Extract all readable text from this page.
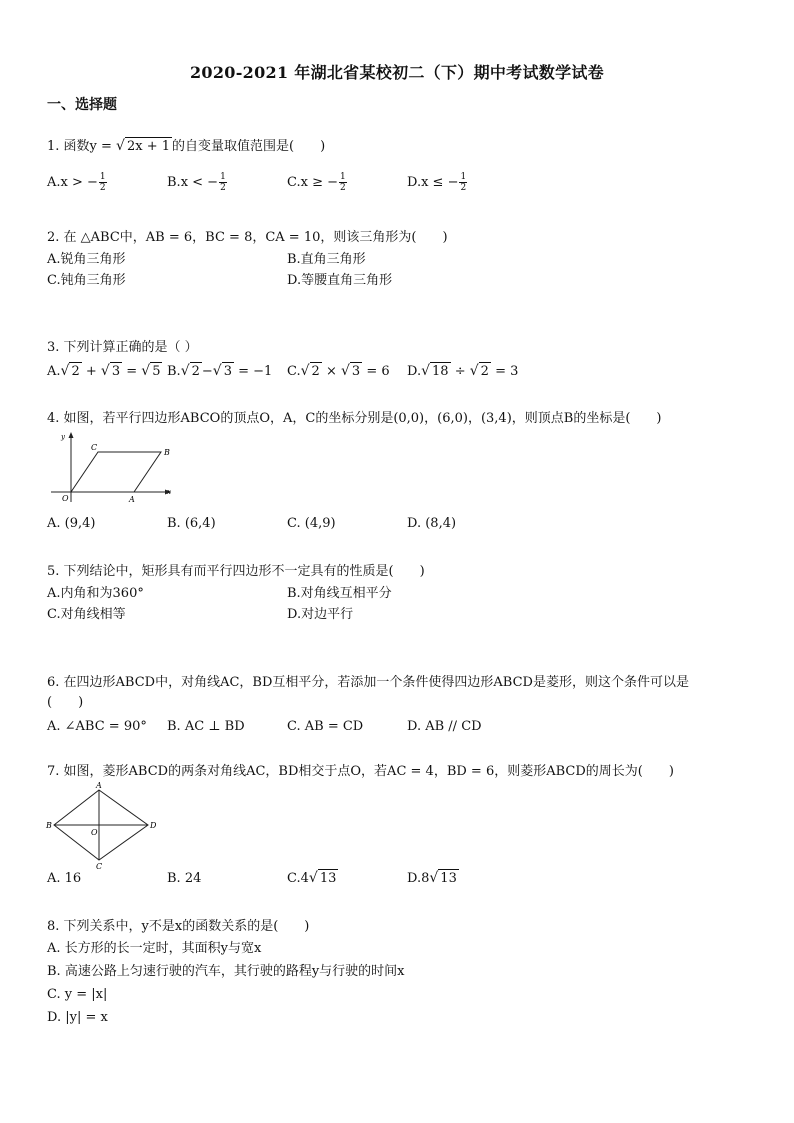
2020-2021 年湖北省某校初二（下）期中考试数学试卷
一、选择题
1. 函数y = √ 2x + 1 的自变量取值范围是(　　)
A.x > − $\frac{1}{2}$	B.x < − $\frac{1}{2}$	C.x ≥ − $\frac{1}{2}$	D.x ≤ − $\frac{1}{2}$
2. 在 △ABC中，AB = 6，BC = 8，CA = 10，则该三角形为(　　)
A.锐角三角形	B.直角三角形
C.钝角三角形	D.等腰直角三角形
3. 下列计算正确的是（ ）
A. √ 2 + √ 3 = √ 5 B. √ 2 − √ 3 = −1 C. √ 2 × √ 3 = 6 D. √ 18 ÷ √ 2 = 3
4. 如图，若平行四边形ABCO的顶点O，A，C的坐标分别是(0,0)，(6,0)，(3,4)，则顶点B的坐标是(　　)
y
x
C
B
O	A
A. (9,4)	B. (6,4)	C. (4,9)	D. (8,4)
5. 下列结论中，矩形具有而平行四边形不一定具有的性质是(　　)
A.内角和为360°	B.对角线互相平分
C.对角线相等	D.对边平行
6. 在四边形ABCD中，对角线AC，BD互相平分，若添加一个条件使得四边形ABCD是菱形，则这个条件可以是
(　　)
A. ∠ABC = 90° B. AC ⊥ BD	C. AB = CD	D. AB // CD
7. 如图，菱形ABCD的两条对角线AC，BD相交于点O，若AC = 4，BD = 6，则菱形ABCD的周长为(　　)
A
B
C
D
O
A. 16	B. 24	C.4 √ 13	D.8 √ 13
8. 下列关系中，y不是x的函数关系的是(　　)
A. 长方形的长一定时，其面积y与宽x
B. 高速公路上匀速行驶的汽车，其行驶的路程y与行驶的时间x
C. y = |x|
D. |y| = x
